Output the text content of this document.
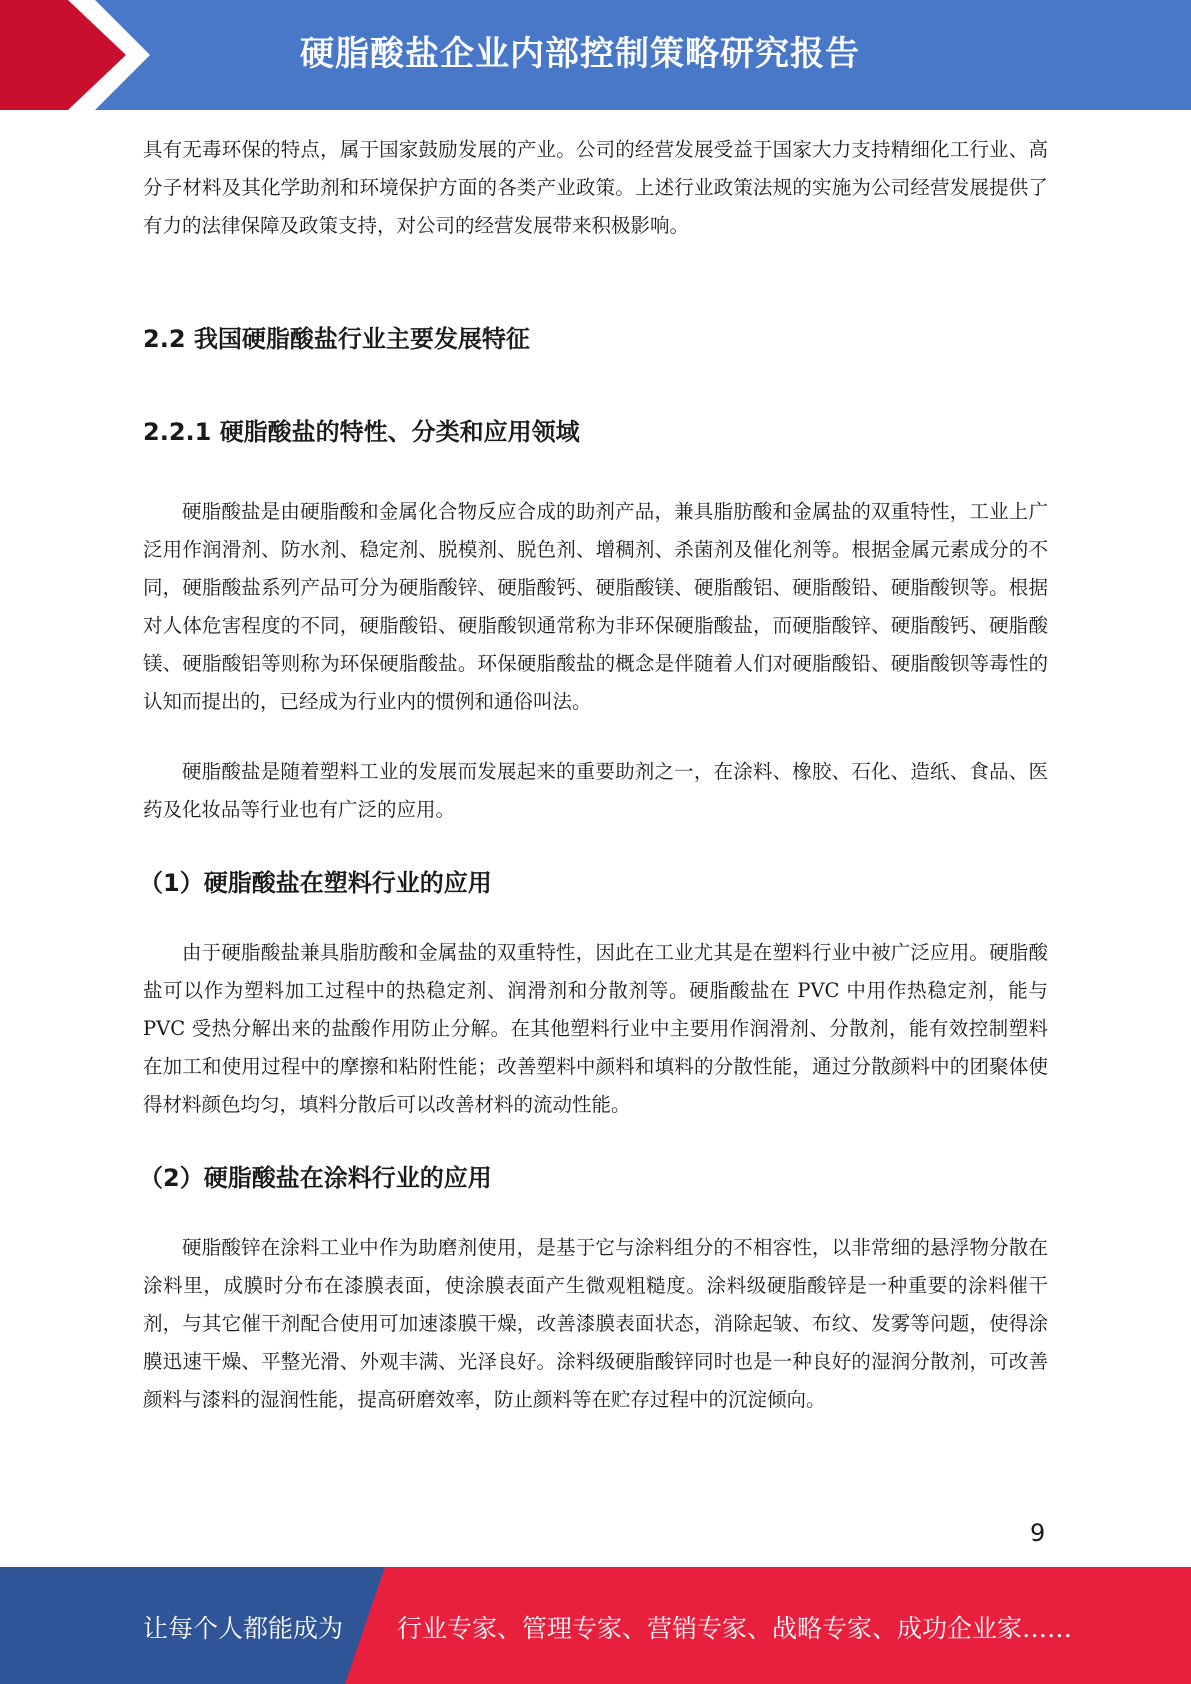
硬脂酸盐企业内部控制策略研究报告

具有无毒环保的特点，属于国家鼓励发展的产业。公司的经营发展受益于国家大力支持精细化工行业、高分子材料及其化学助剂和环境保护方面的各类产业政策。上述行业政策法规的实施为公司经营发展提供了有力的法律保障及政策支持，对公司的经营发展带来积极影响。

2.2 我国硬脂酸盐行业主要发展特征
2.2.1 硬脂酸盐的特性、分类和应用领域

硬脂酸盐是由硬脂酸和金属化合物反应合成的助剂产品，兼具脂肪酸和金属盐的双重特性，工业上广泛用作润滑剂、防水剂、稳定剂、脱模剂、脱色剂、增稠剂、杀菌剂及催化剂等。根据金属元素成分的不同，硬脂酸盐系列产品可分为硬脂酸锌、硬脂酸钙、硬脂酸镁、硬脂酸铝、硬脂酸铅、硬脂酸钡等。根据对人体危害程度的不同，硬脂酸铅、硬脂酸钡通常称为非环保硬脂酸盐，而硬脂酸锌、硬脂酸钙、硬脂酸镁、硬脂酸铝等则称为环保硬脂酸盐。环保硬脂酸盐的概念是伴随着人们对硬脂酸铅、硬脂酸钡等毒性的认知而提出的，已经成为行业内的惯例和通俗叫法。

硬脂酸盐是随着塑料工业的发展而发展起来的重要助剂之一，在涂料、橡胶、石化、造纸、食品、医药及化妆品等行业也有广泛的应用。

（1）硬脂酸盐在塑料行业的应用

由于硬脂酸盐兼具脂肪酸和金属盐的双重特性，因此在工业尤其是在塑料行业中被广泛应用。硬脂酸盐可以作为塑料加工过程中的热稳定剂、润滑剂和分散剂等。硬脂酸盐在 PVC 中用作热稳定剂，能与 PVC 受热分解出来的盐酸作用防止分解。在其他塑料行业中主要用作润滑剂、分散剂，能有效控制塑料在加工和使用过程中的摩擦和粘附性能；改善塑料中颜料和填料的分散性能，通过分散颜料中的团聚体使得材料颜色均匀，填料分散后可以改善材料的流动性能。

（2）硬脂酸盐在涂料行业的应用

硬脂酸锌在涂料工业中作为助磨剂使用，是基于它与涂料组分的不相容性，以非常细的悬浮物分散在涂料里，成膜时分布在漆膜表面，使涂膜表面产生微观粗糙度。涂料级硬脂酸锌是一种重要的涂料催干剂，与其它催干剂配合使用可加速漆膜干燥，改善漆膜表面状态，消除起皱、布纹、发雾等问题，使得涂膜迅速干燥、平整光滑、外观丰满、光泽良好。涂料级硬脂酸锌同时也是一种良好的湿润分散剂，可改善颜料与漆料的湿润性能，提高研磨效率，防止颜料等在贮存过程中的沉淀倾向。

9
让每个人都能成为 行业专家、管理专家、营销专家、战略专家、成功企业家……
